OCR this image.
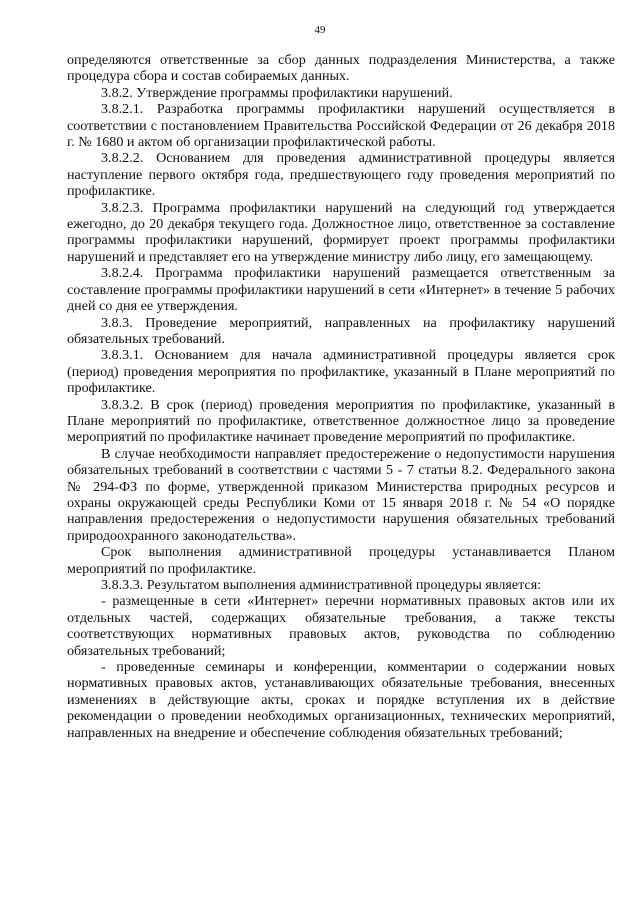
49

определяются ответственные за сбор данных подразделения Министерства, а также процедура сбора и состав собираемых данных.

3.8.2. Утверждение программы профилактики нарушений.

3.8.2.1. Разработка программы профилактики нарушений осуществляется в соответствии с постановлением Правительства Российской Федерации от 26 декабря 2018 г. № 1680 и актом об организации профилактической работы.

3.8.2.2. Основанием для проведения административной процедуры является наступление первого октября года, предшествующего году проведения мероприятий по профилактике.

3.8.2.3. Программа профилактики нарушений на следующий год утверждается ежегодно, до 20 декабря текущего года. Должностное лицо, ответственное за составление программы профилактики нарушений, формирует проект программы профилактики нарушений и представляет его на утверждение министру либо лицу, его замещающему.

3.8.2.4. Программа профилактики нарушений размещается ответственным за составление программы профилактики нарушений в сети «Интернет» в течение 5 рабочих дней со дня ее утверждения.

3.8.3. Проведение мероприятий, направленных на профилактику нарушений обязательных требований.

3.8.3.1. Основанием для начала административной процедуры является срок (период) проведения мероприятия по профилактике, указанный в Плане мероприятий по профилактике.

3.8.3.2. В срок (период) проведения мероприятия по профилактике, указанный в Плане мероприятий по профилактике, ответственное должностное лицо за проведение мероприятий по профилактике начинает проведение мероприятий по профилактике.

В случае необходимости направляет предостережение о недопустимости нарушения обязательных требований в соответствии с частями 5 - 7 статьи 8.2. Федерального закона № 294-ФЗ по форме, утвержденной приказом Министерства природных ресурсов и охраны окружающей среды Республики Коми от 15 января 2018 г. № 54 «О порядке направления предостережения о недопустимости нарушения обязательных требований природоохранного законодательства».

Срок выполнения административной процедуры устанавливается Планом мероприятий по профилактике.

3.8.3.3. Результатом выполнения административной процедуры является:

- размещенные в сети «Интернет» перечни нормативных правовых актов или их отдельных частей, содержащих обязательные требования, а также тексты соответствующих нормативных правовых актов, руководства по соблюдению обязательных требований;

- проведенные семинары и конференции, комментарии о содержании новых нормативных правовых актов, устанавливающих обязательные требования, внесенных изменениях в действующие акты, сроках и порядке вступления их в действие рекомендации о проведении необходимых организационных, технических мероприятий, направленных на внедрение и обеспечение соблюдения обязательных требований;
